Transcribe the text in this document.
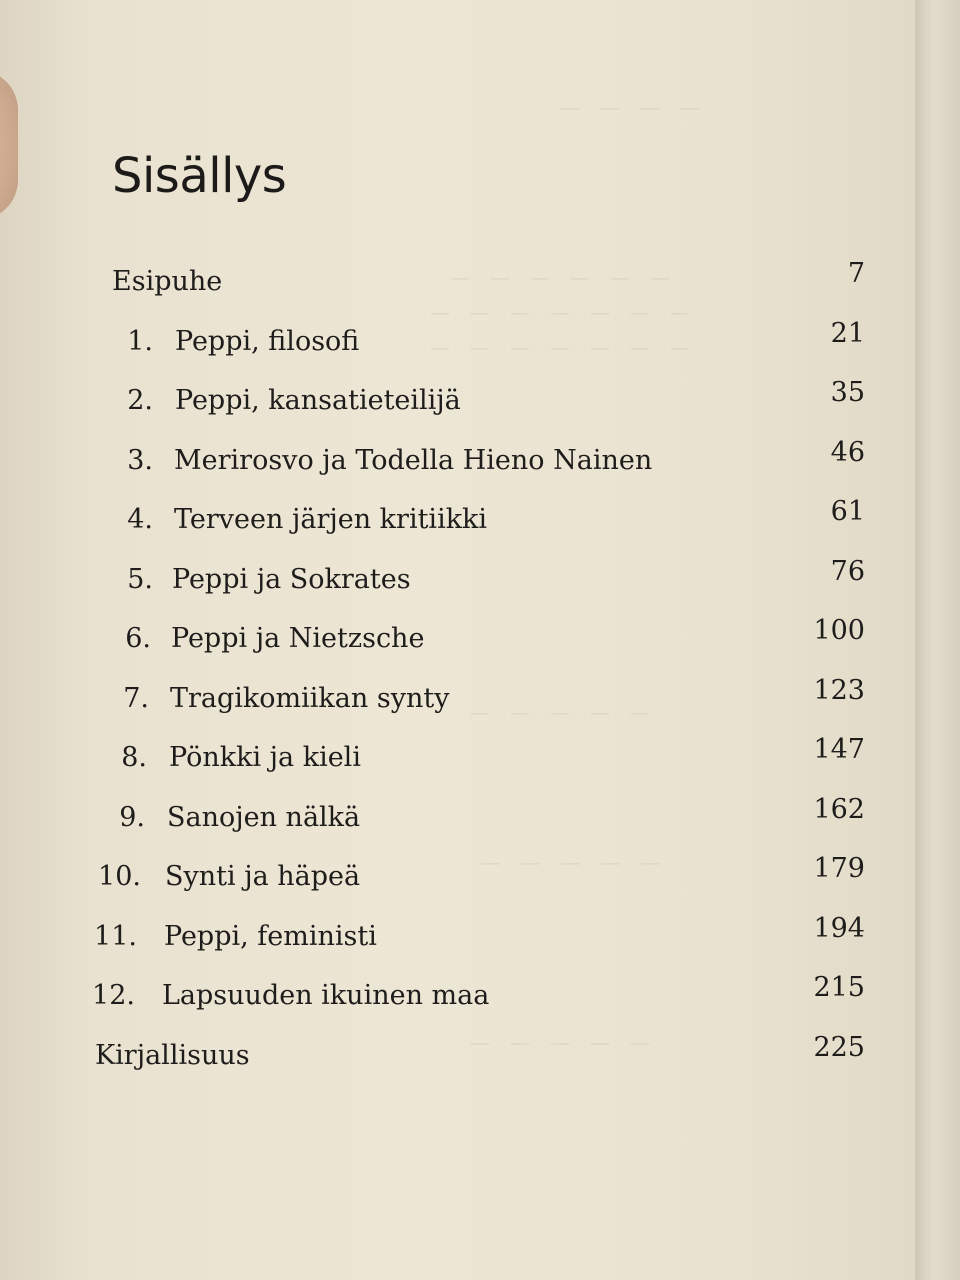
— — — —
— — — — — —
— — — — — — —
— — — — — — —
— — — — —
— — — — —
— — — — —
Sisällys
Esipuhe	7
1. Peppi, filosofi	21
2. Peppi, kansatieteilijä	35
3. Merirosvo ja Todella Hieno Nainen	46
4. Terveen järjen kritiikki	61
5. Peppi ja Sokrates	76
6. Peppi ja Nietzsche	100
7. Tragikomiikan synty	123
8. Pönkki ja kieli	147
9. Sanojen nälkä	162
10. Synti ja häpeä	179
11. Peppi, feministi	194
12. Lapsuuden ikuinen maa	215
Kirjallisuus	225
